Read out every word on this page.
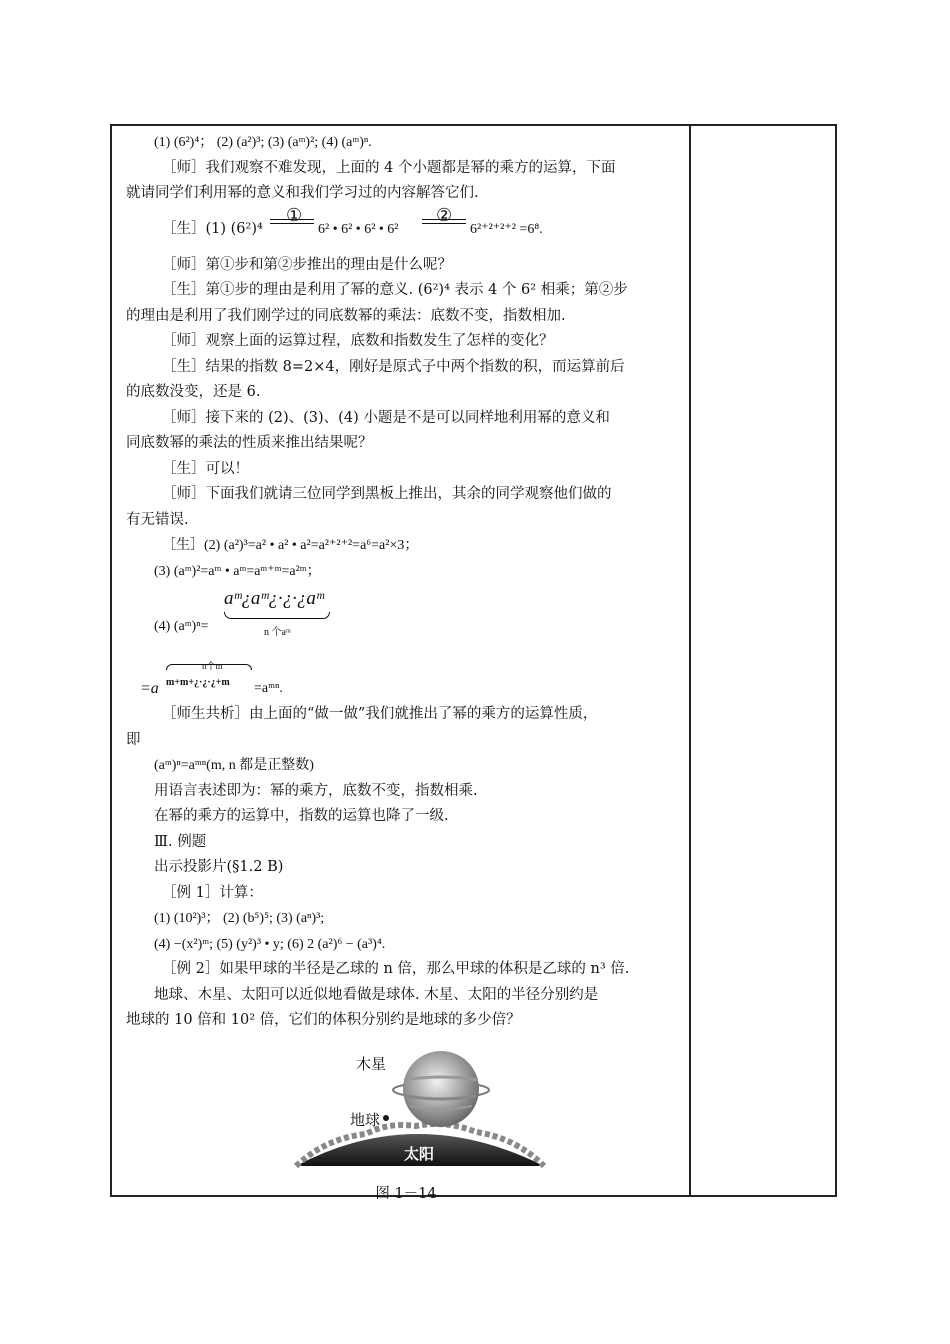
(1) (6²)⁴； (2) (a²)³; (3) (aᵐ)²; (4) (aᵐ)ⁿ.
［师］我们观察不难发现，上面的 4 个小题都是幂的乘方的运算，下面
就请同学们利用幂的意义和我们学习过的内容解答它们.
［生］(1) (6²)⁴
①
6² • 6² • 6² • 6²
②
6²⁺²⁺²⁺² =6⁸.
［师］第①步和第②步推出的理由是什么呢？
［生］第①步的理由是利用了幂的意义. (6²)⁴ 表示 4 个 6² 相乘；第②步
的理由是利用了我们刚学过的同底数幂的乘法：底数不变，指数相加.
［师］观察上面的运算过程，底数和指数发生了怎样的变化？
［生］结果的指数 8=2×4，刚好是原式子中两个指数的积，而运算前后
的底数没变，还是 6.
［师］接下来的 (2)、(3)、(4) 小题是不是可以同样地利用幂的意义和
同底数幂的乘法的性质来推出结果呢？
［生］可以！
［师］下面我们就请三位同学到黑板上推出，其余的同学观察他们做的
有无错误.
［生］(2) (a²)³=a² • a² • a²=a²⁺²⁺²=a⁶=a²×3；
(3) (aᵐ)²=aᵐ • aᵐ=aᵐ⁺ᵐ=a²ᵐ；
aᵐ¿aᵐ¿·¿·¿aᵐ
n 个aᵐ
(4) (aᵐ)ⁿ=
n个m
=a m+m+¿·¿·¿+m =aᵐⁿ.
［师生共析］由上面的“做一做”我们就推出了幂的乘方的运算性质，
即
(aᵐ)ⁿ=aᵐⁿ(m, n 都是正整数)
用语言表述即为：幂的乘方，底数不变，指数相乘.
在幂的乘方的运算中，指数的运算也降了一级.
Ⅲ. 例题
出示投影片(§1.2 B)
［例 1］计算：
(1) (10²)³； (2) (b⁵)⁵; (3) (aⁿ)³;
(4) −(x²)ᵐ; (5) (y²)³ • y; (6) 2 (a²)⁶ − (a³)⁴.
［例 2］如果甲球的半径是乙球的 n 倍，那么甲球的体积是乙球的 n³ 倍.
地球、木星、太阳可以近似地看做是球体. 木星、太阳的半径分别约是
地球的 10 倍和 10² 倍，它们的体积分别约是地球的多少倍？
木星
地球
太阳
图 1－14
